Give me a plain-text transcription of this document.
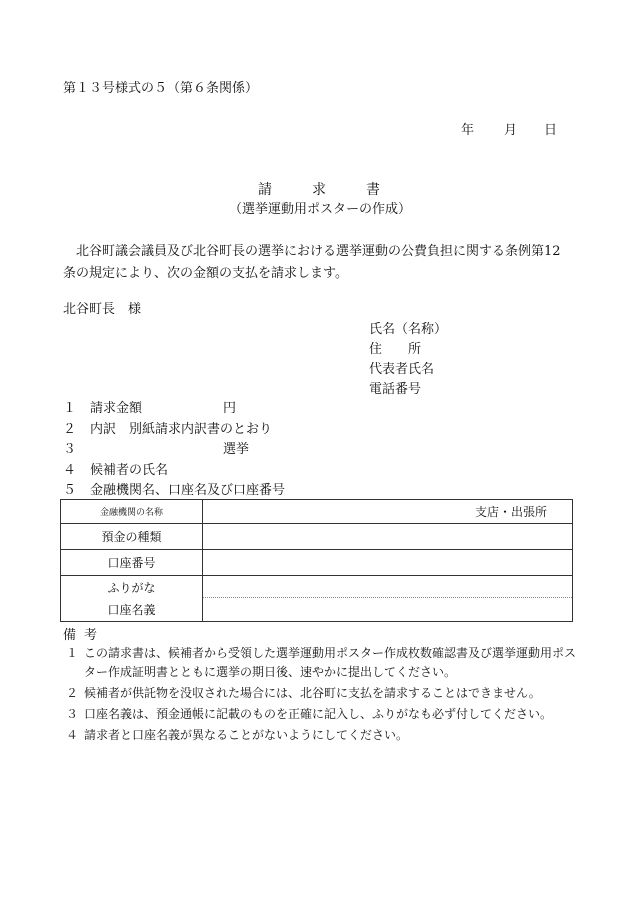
第１３号様式の５（第６条関係）
年 月 日
請求書
（選挙運動用ポスターの作成）
北谷町議会議員及び北谷町長の選挙における選挙運動の公費負担に関する条例第12 条の規定により、次の金額の支払を請求します。
北谷町長　様
氏名（名称）
住　　所
代表者氏名
電話番号
１ 請求金額	円
２ 内訳　別紙請求内訳書のとおり
３	選挙
４ 候補者の氏名
５ 金融機関名、口座名及び口座番号
金融機関の名称	支店・出張所
預金の種類	
口座番号	

ふりがな
口座名義	

備考
１ この請求書は、候補者から受領した選挙運動用ポスター作成枚数確認書及び選挙運動用ポスター作成証明書とともに選挙の期日後、速やかに提出してください。
２ 候補者が供託物を没収された場合には、北谷町に支払を請求することはできません。
３ 口座名義は、預金通帳に記載のものを正確に記入し、ふりがなも必ず付してください。
４ 請求者と口座名義が異なることがないようにしてください。
